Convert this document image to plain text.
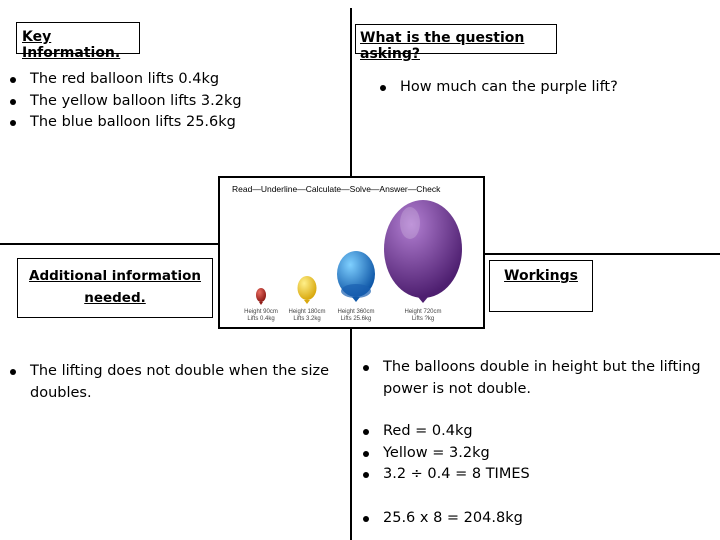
Key Information.
The red balloon lifts 0.4kg
The yellow balloon lifts 3.2kg
The blue balloon lifts 25.6kg
What is the question asking?
How much can the purple lift?
Additional information
needed.
The lifting does not double when the size doubles.
Workings
The balloons double in height but the lifting power is not double.
Red = 0.4kg
Yellow = 3.2kg
3.2 ÷ 0.4 = 8 TIMES
25.6 x 8 = 204.8kg
Read—Underline—Calculate—Solve—Answer—Check
Height 90cm
Lifts 0.4kg
Height 180cm
Lifts 3.2kg
Height 360cm
Lifts 25.6kg
Height 720cm
Lifts ?kg
